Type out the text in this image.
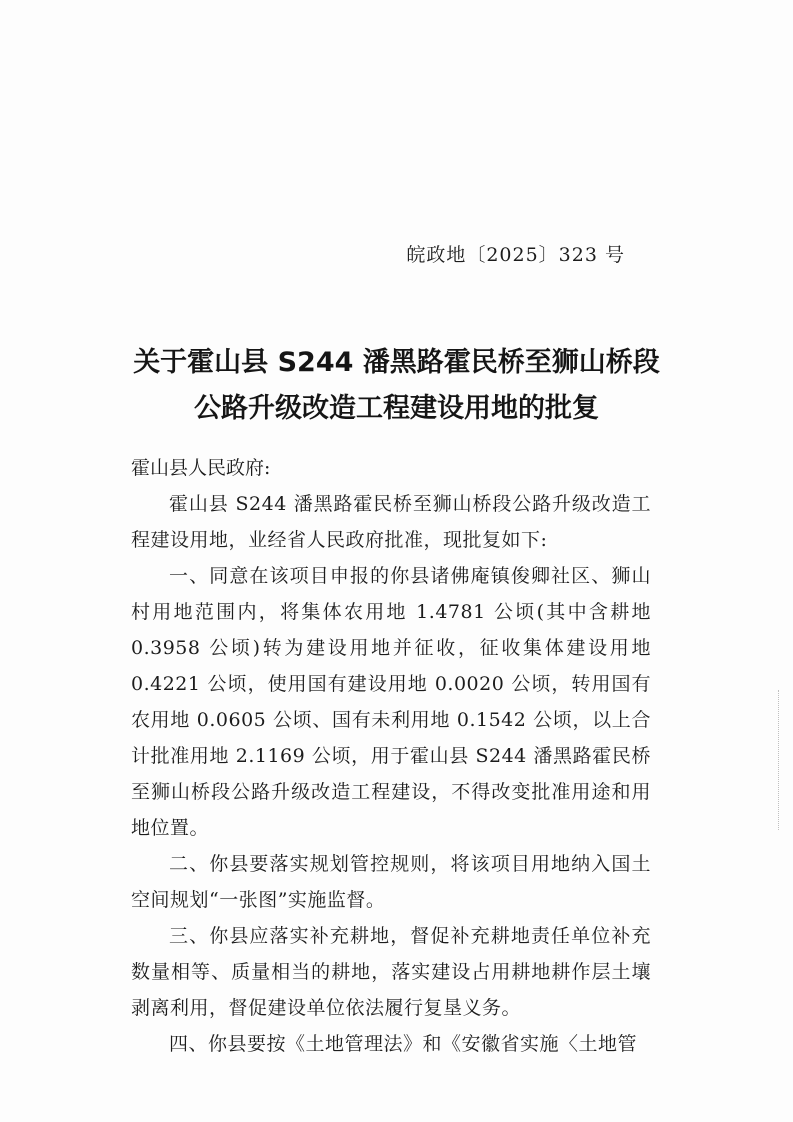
皖政地〔2025〕323 号
关于霍山县 S244 潘黑路霍民桥至狮山桥段
公路升级改造工程建设用地的批复
霍山县人民政府:

霍山县 S244 潘黑路霍民桥至狮山桥段公路升级改造工程建设用地，业经省人民政府批准，现批复如下:

一、同意在该项目申报的你县诸佛庵镇俊卿社区、狮山村用地范围内，将集体农用地 1.4781 公顷(其中含耕地 0.3958 公顷)转为建设用地并征收，征收集体建设用地 0.4221 公顷，使用国有建设用地 0.0020 公顷，转用国有农用地 0.0605 公顷、国有未利用地 0.1542 公顷，以上合计批准用地 2.1169 公顷，用于霍山县 S244 潘黑路霍民桥至狮山桥段公路升级改造工程建设，不得改变批准用途和用地位置。

二、你县要落实规划管控规则，将该项目用地纳入国土空间规划“一张图”实施监督。

三、你县应落实补充耕地，督促补充耕地责任单位补充数量相等、质量相当的耕地，落实建设占用耕地耕作层土壤剥离利用，督促建设单位依法履行复垦义务。

四、你县要按《土地管理法》和《安徽省实施〈土地管
